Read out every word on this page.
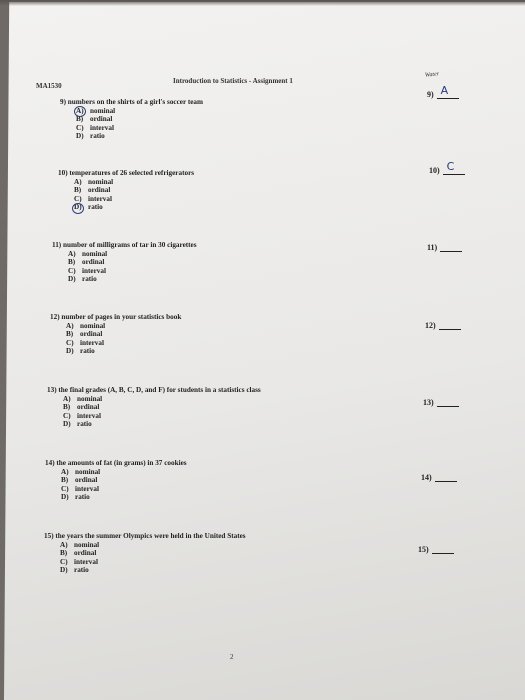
MA1530
Introduction to Statistics - Assignment 1
Water
9) numbers on the shirts of a girl's soccer team
A) nominal
B) ordinal
C) interval
D) ratio
9) A
10) temperatures of 26 selected refrigerators
A) nominal
B) ordinal
C) interval
D) ratio
10) C
11) number of milligrams of tar in 30 cigarettes
A) nominal
B) ordinal
C) interval
D) ratio
11)
12) number of pages in your statistics book
A) nominal
B) ordinal
C) interval
D) ratio
12)
13) the final grades (A, B, C, D, and F) for students in a statistics class
A) nominal
B) ordinal
C) interval
D) ratio
13)
14) the amounts of fat (in grams) in 37 cookies
A) nominal
B) ordinal
C) interval
D) ratio
14)
15) the years the summer Olympics were held in the United States
A) nominal
B) ordinal
C) interval
D) ratio
15)
2
